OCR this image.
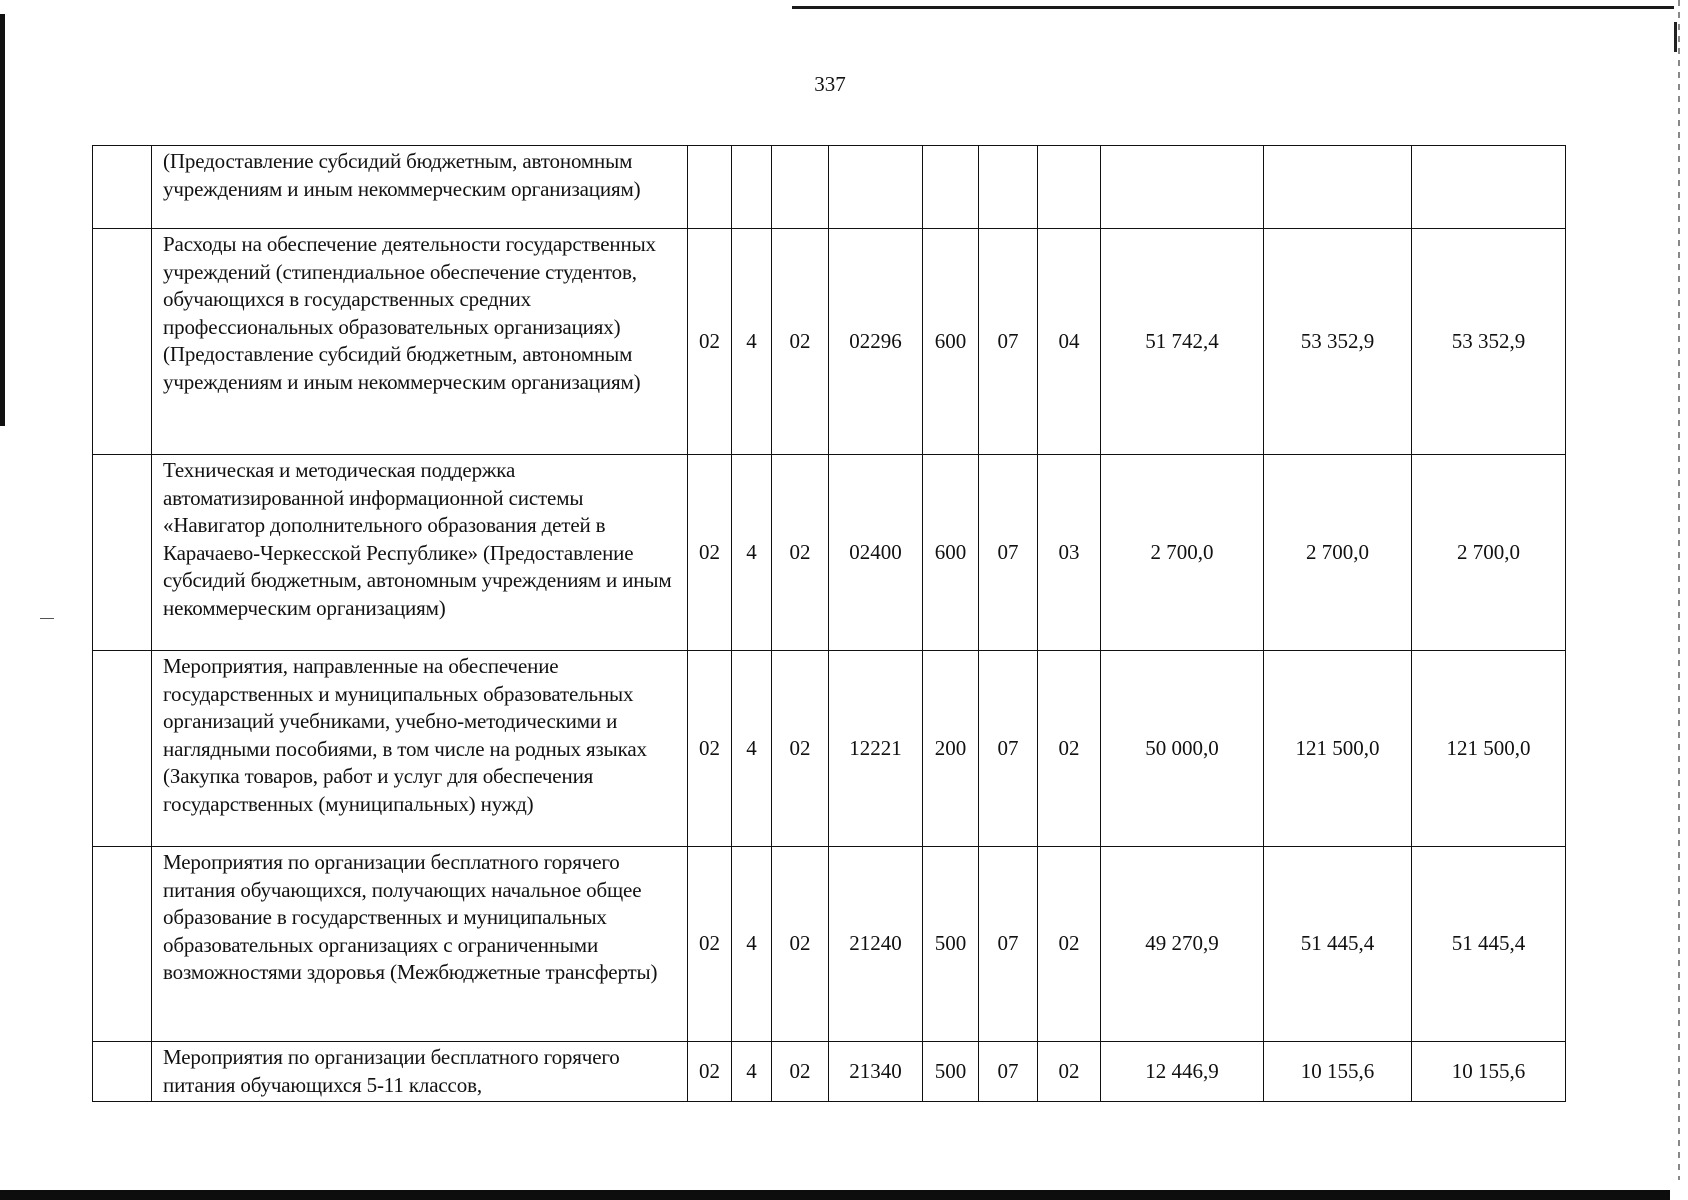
337
	(Предоставление субсидий бюджетным, автономным учреждениям и иным некоммерческим организациям)										
	Расходы на обеспечение деятельности государственных учреждений (стипендиальное обеспечение студентов, обучающихся в государственных средних профессиональных образовательных организациях) (Предоставление субсидий бюджетным, автономным учреждениям и иным некоммерческим организациям)	02	4	02	02296	600	07	04	51 742,4	53 352,9	53 352,9
	Техническая и методическая поддержка автоматизированной информационной системы «Навигатор дополнительного образования детей в Карачаево-Черкесской Республике» (Предоставление субсидий бюджетным, автономным учреждениям и иным некоммерческим организациям)	02	4	02	02400	600	07	03	2 700,0	2 700,0	2 700,0
	Мероприятия, направленные на обеспечение государственных и муниципальных образовательных организаций учебниками, учебно-методическими и наглядными пособиями, в том числе на родных языках (Закупка товаров, работ и услуг для обеспечения государственных (муниципальных) нужд)	02	4	02	12221	200	07	02	50 000,0	121 500,0	121 500,0
	Мероприятия по организации бесплатного горячего питания обучающихся, получающих начальное общее образование в государственных и муниципальных образовательных организациях с ограниченными возможностями здоровья (Межбюджетные трансферты)	02	4	02	21240	500	07	02	49 270,9	51 445,4	51 445,4
	Мероприятия по организации бесплатного горячего питания обучающихся 5-11 классов,	02	4	02	21340	500	07	02	12 446,9	10 155,6	10 155,6
